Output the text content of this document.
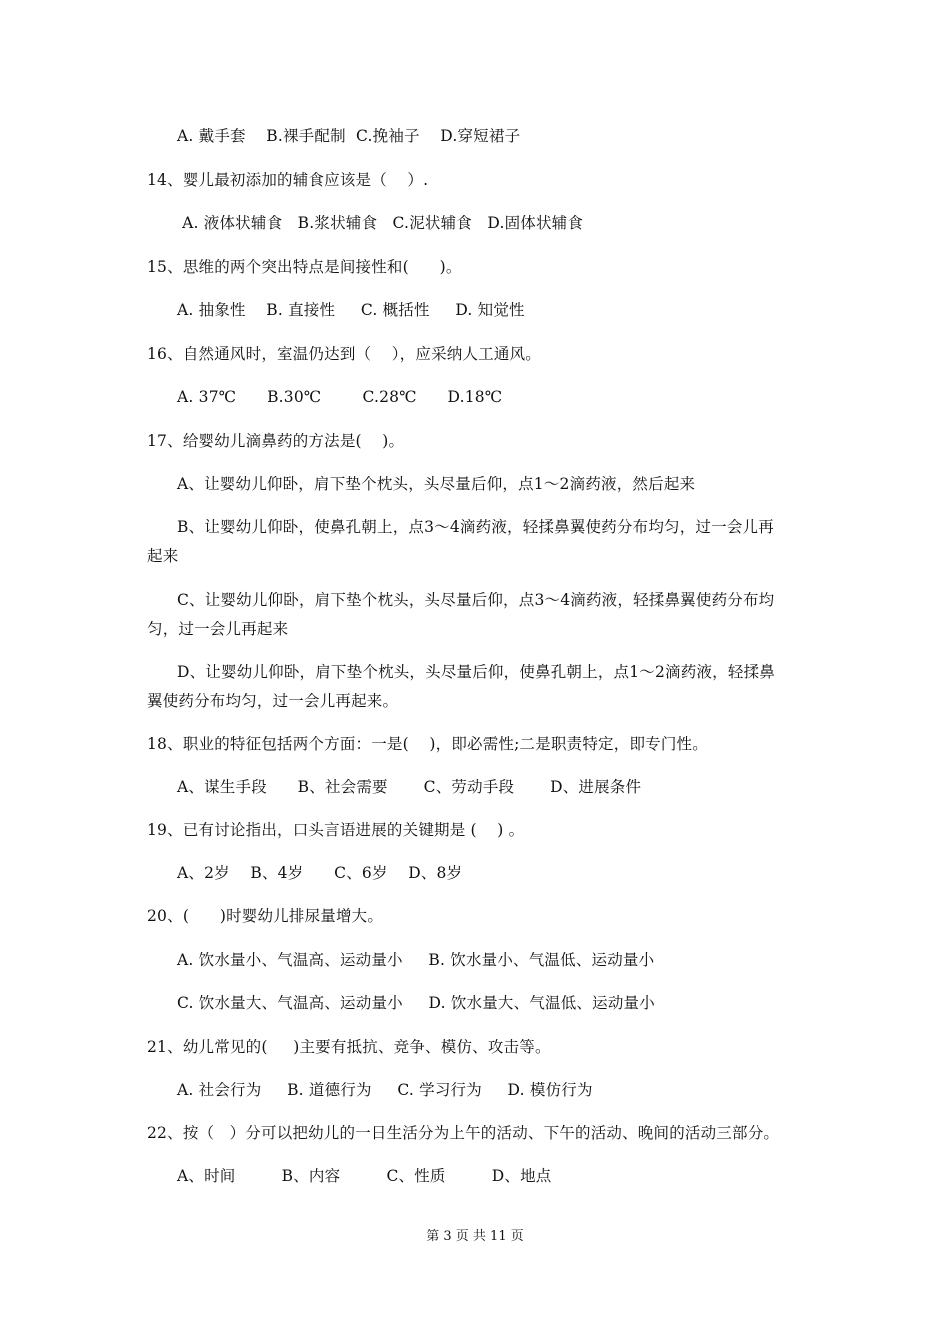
A. 戴手套    B.裸手配制  C.挽袖子    D.穿短裙子
14、婴儿最初添加的辅食应该是（    ）.
A. 液体状辅食   B.浆状辅食   C.泥状辅食   D.固体状辅食
15、思维的两个突出特点是间接性和(      )。
A. 抽象性    B. 直接性     C. 概括性     D. 知觉性
16、自然通风时，室温仍达到（    ），应采纳人工通风。
A. 37℃      B.30℃        C.28℃      D.18℃
17、给婴幼儿滴鼻药的方法是(    )。
A、让婴幼儿仰卧，肩下垫个枕头，头尽量后仰，点1～2滴药液，然后起来
B、让婴幼儿仰卧，使鼻孔朝上，点3～4滴药液，轻揉鼻翼使药分布均匀，过一会儿再
起来
C、让婴幼儿仰卧，肩下垫个枕头，头尽量后仰，点3～4滴药液，轻揉鼻翼使药分布均
匀，过一会儿再起来
D、让婴幼儿仰卧，肩下垫个枕头，头尽量后仰，使鼻孔朝上，点1～2滴药液，轻揉鼻
翼使药分布均匀，过一会儿再起来。
18、职业的特征包括两个方面：一是(    )，即必需性;二是职责特定，即专门性。
A、谋生手段      B、社会需要       C、劳动手段       D、进展条件
19、已有讨论指出，口头言语进展的关键期是 (    ) 。
A、2岁    B、4岁      C、6岁    D、8岁
20、(      )时婴幼儿排尿量增大。
A. 饮水量小、气温高、运动量小     B. 饮水量小、气温低、运动量小
C. 饮水量大、气温高、运动量小     D. 饮水量大、气温低、运动量小
21、幼儿常见的(     )主要有抵抗、竞争、模仿、攻击等。
A. 社会行为     B. 道德行为     C. 学习行为     D. 模仿行为
22、按（   ）分可以把幼儿的一日生活分为上午的活动、下午的活动、晚间的活动三部分。
A、时间         B、内容         C、性质         D、地点
第 3 页 共 11 页
